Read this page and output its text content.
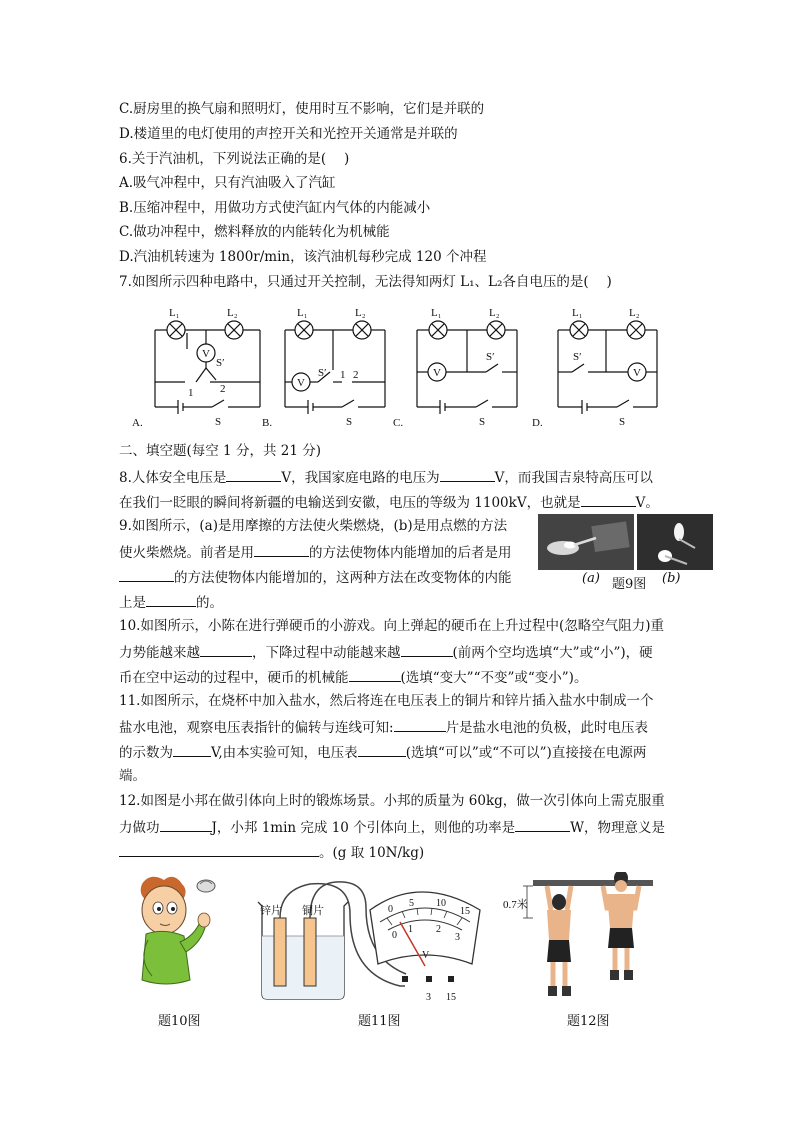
C.厨房里的换气扇和照明灯，使用时互不影响，它们是并联的
D.楼道里的电灯使用的声控开关和光控开关通常是并联的
6.关于汽油机，下列说法正确的是(　 )
A.吸气冲程中，只有汽油吸入了汽缸
B.压缩冲程中，用做功方式使汽缸内气体的内能减小
C.做功冲程中，燃料释放的内能转化为机械能
D.汽油机转速为 1800r/min，该汽油机每秒完成 120 个冲程
7.如图所示四种电路中，只通过开关控制，无法得知两灯 L₁、L₂各自电压的是(　 )
L₁	L₂
V
S′
1 2
S
A.
L₁	L₂
V
S′ 1 2
S
B.
L₁	L₂
V
S′
S
C.
L₁	L₂
V
S′
S
D.
二、填空题(每空 1 分，共 21 分)
8.人体安全电压是	V，我国家庭电路的电压为	V，而我国吉泉特高压可以
在我们一眨眼的瞬间将新疆的电输送到安徽，电压的等级为 1100kV，也就是	V。
9.如图所示，(a)是用摩擦的方法使火柴燃烧，(b)是用点燃的方法
使火柴燃烧。前者是用	的方法使物体内能增加的后者是用
的方法使物体内能增加的，这两种方法在改变物体的内能
上是	的。
(a) 题9图 (b)
10.如图所示，小陈在进行弹硬币的小游戏。向上弹起的硬币在上升过程中(忽略空气阻力)重
力势能越来越	，下降过程中动能越来越	(前两个空均选填“大”或“小”)，硬
币在空中运动的过程中，硬币的机械能	(选填“变大”“不变”或“变小”)。
11.如图所示，在烧杯中加入盐水，然后将连在电压表上的铜片和锌片插入盐水中制成一个
盐水电池，观察电压表指针的偏转与连线可知:	片是盐水电池的负极，此时电压表
的示数为	V,由本实验可知，电压表	(选填“可以”或“不可以”)直接接在电源两
端。
12.如图是小邦在做引体向上时的锻炼场景。小邦的质量为 60kg，做一次引体向上需克服重
力做功	J，小邦 1min 完成 10 个引体向上，则他的功率是	W，物理意义是
。(g 取 10N/kg)
题10图
0
5 10
15
0
1 2
3
V
锌片 铜片
3 15
题11图
0.7米
题12图
